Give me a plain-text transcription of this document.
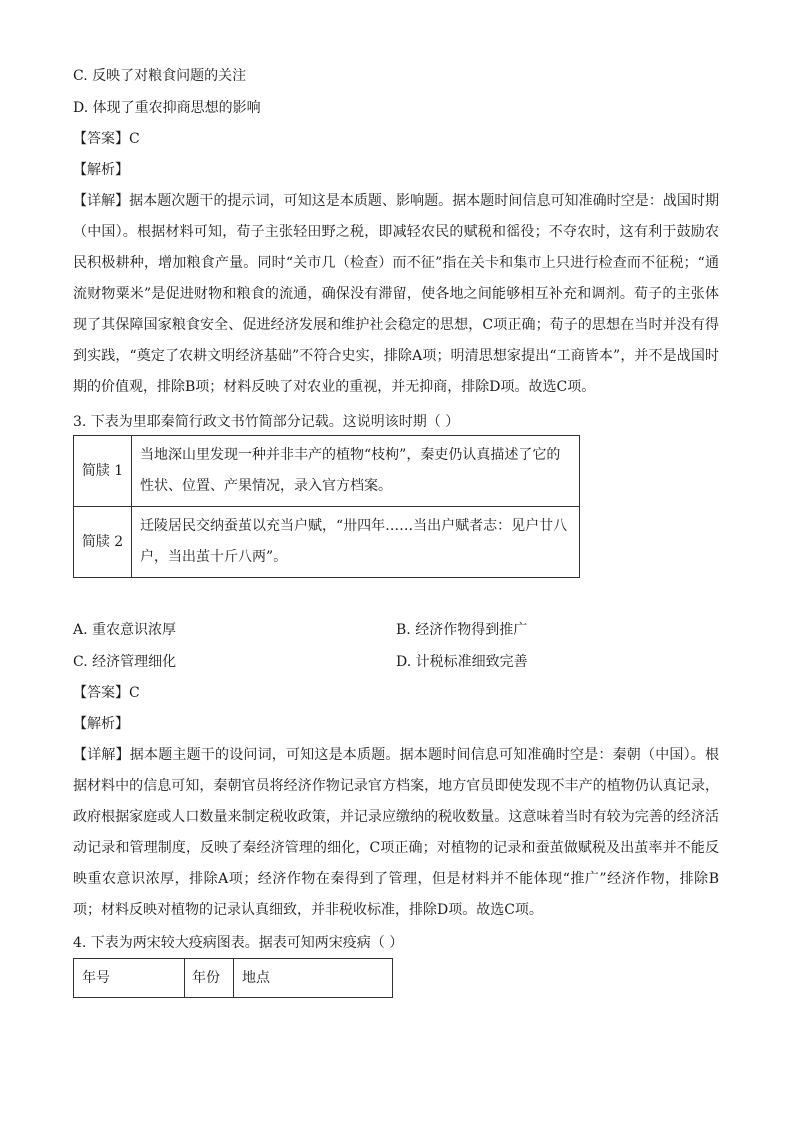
C. 反映了对粮食问题的关注
D. 体现了重农抑商思想的影响
【答案】C
【解析】
【详解】据本题次题干的提示词，可知这是本质题、影响题。据本题时间信息可知准确时空是：战国时期（中国）。根据材料可知，荀子主张轻田野之税，即减轻农民的赋税和徭役；不夺农时，这有利于鼓励农民积极耕种，增加粮食产量。同时“关市几（检查）而不征”指在关卡和集市上只进行检查而不征税；“通流财物粟米”是促进财物和粮食的流通，确保没有滞留，使各地之间能够相互补充和调剂。荀子的主张体现了其保障国家粮食安全、促进经济发展和维护社会稳定的思想，C项正确；荀子的思想在当时并没有得到实践，“奠定了农耕文明经济基础”不符合史实，排除A项；明清思想家提出“工商皆本”，并不是战国时期的价值观，排除B项；材料反映了对农业的重视，并无抑商，排除D项。故选C项。
3. 下表为里耶秦简行政文书竹简部分记载。这说明该时期（ ）
简牍 1	当地深山里发现一种并非丰产的植物“枝枸”，秦吏仍认真描述了它的性状、位置、产果情况，录入官方档案。
简牍 2	迁陵居民交纳蚕茧以充当户赋，“卅四年……当出户赋者志：见户廿八户，当出茧十斤八两”。
A. 重农意识浓厚	B. 经济作物得到推广
C. 经济管理细化	D. 计税标准细致完善
【答案】C
【解析】
【详解】据本题主题干的设问词，可知这是本质题。据本题时间信息可知准确时空是：秦朝（中国）。根据材料中的信息可知，秦朝官员将经济作物记录官方档案，地方官员即使发现不丰产的植物仍认真记录，政府根据家庭或人口数量来制定税收政策，并记录应缴纳的税收数量。这意味着当时有较为完善的经济活动记录和管理制度，反映了秦经济管理的细化，C项正确；对植物的记录和蚕茧做赋税及出茧率并不能反映重农意识浓厚，排除A项；经济作物在秦得到了管理，但是材料并不能体现“推广”经济作物，排除B项；材料反映对植物的记录认真细致，并非税收标准，排除D项。故选C项。
4. 下表为两宋较大疫病图表。据表可知两宋疫病（ ）
年号	年份	地点
